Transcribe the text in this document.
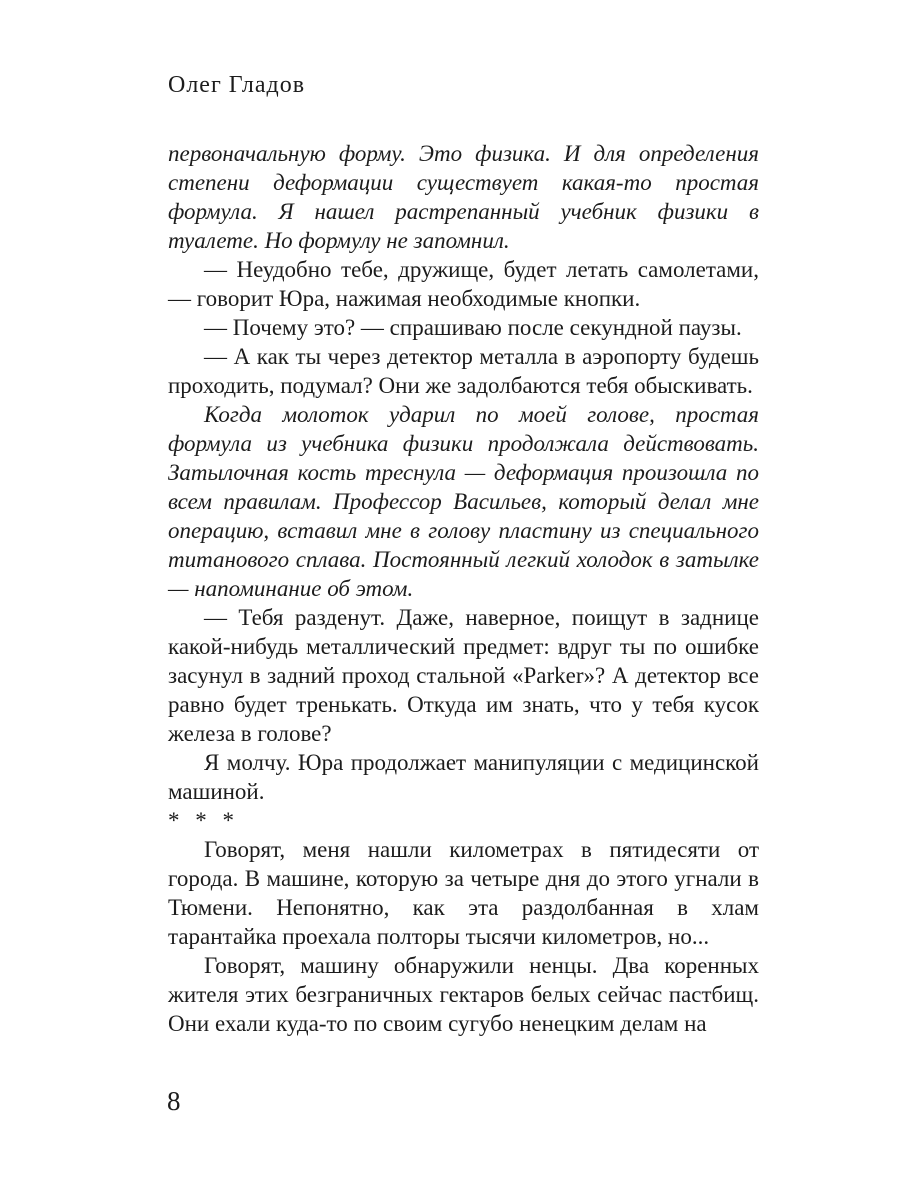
Олег Гладов

первоначальную форму. Это физика. И для определения степени деформации существует какая-то простая формула. Я нашел растрепанный учебник физики в туалете. Но формулу не запомнил.

— Неудобно тебе, дружище, будет летать самолетами, — говорит Юра, нажимая необходимые кнопки.

— Почему это? — спрашиваю после секундной паузы.

— А как ты через детектор металла в аэропорту будешь проходить, подумал? Они же задолбаются тебя обыскивать.

Когда молоток ударил по моей голове, простая формула из учебника физики продолжала действовать. Затылочная кость треснула — деформация произошла по всем правилам. Профессор Васильев, который делал мне операцию, вставил мне в голову пластину из специального титанового сплава. Постоянный легкий холодок в затылке — напоминание об этом.

— Тебя разденут. Даже, наверное, поищут в заднице какой-нибудь металлический предмет: вдруг ты по ошибке засунул в задний проход стальной «Parker»? А детектор все равно будет тренькать. Откуда им знать, что у тебя кусок железа в голове?

Я молчу. Юра продолжает манипуляции с медицинской машиной.

* * *

Говорят, меня нашли километрах в пятидесяти от города. В машине, которую за четыре дня до этого угнали в Тюмени. Непонятно, как эта раздолбанная в хлам тарантайка проехала полторы тысячи километров, но...

Говорят, машину обнаружили ненцы. Два коренных жителя этих безграничных гектаров белых сейчас пастбищ. Они ехали куда-то по своим сугубо ненецким делам на

8
